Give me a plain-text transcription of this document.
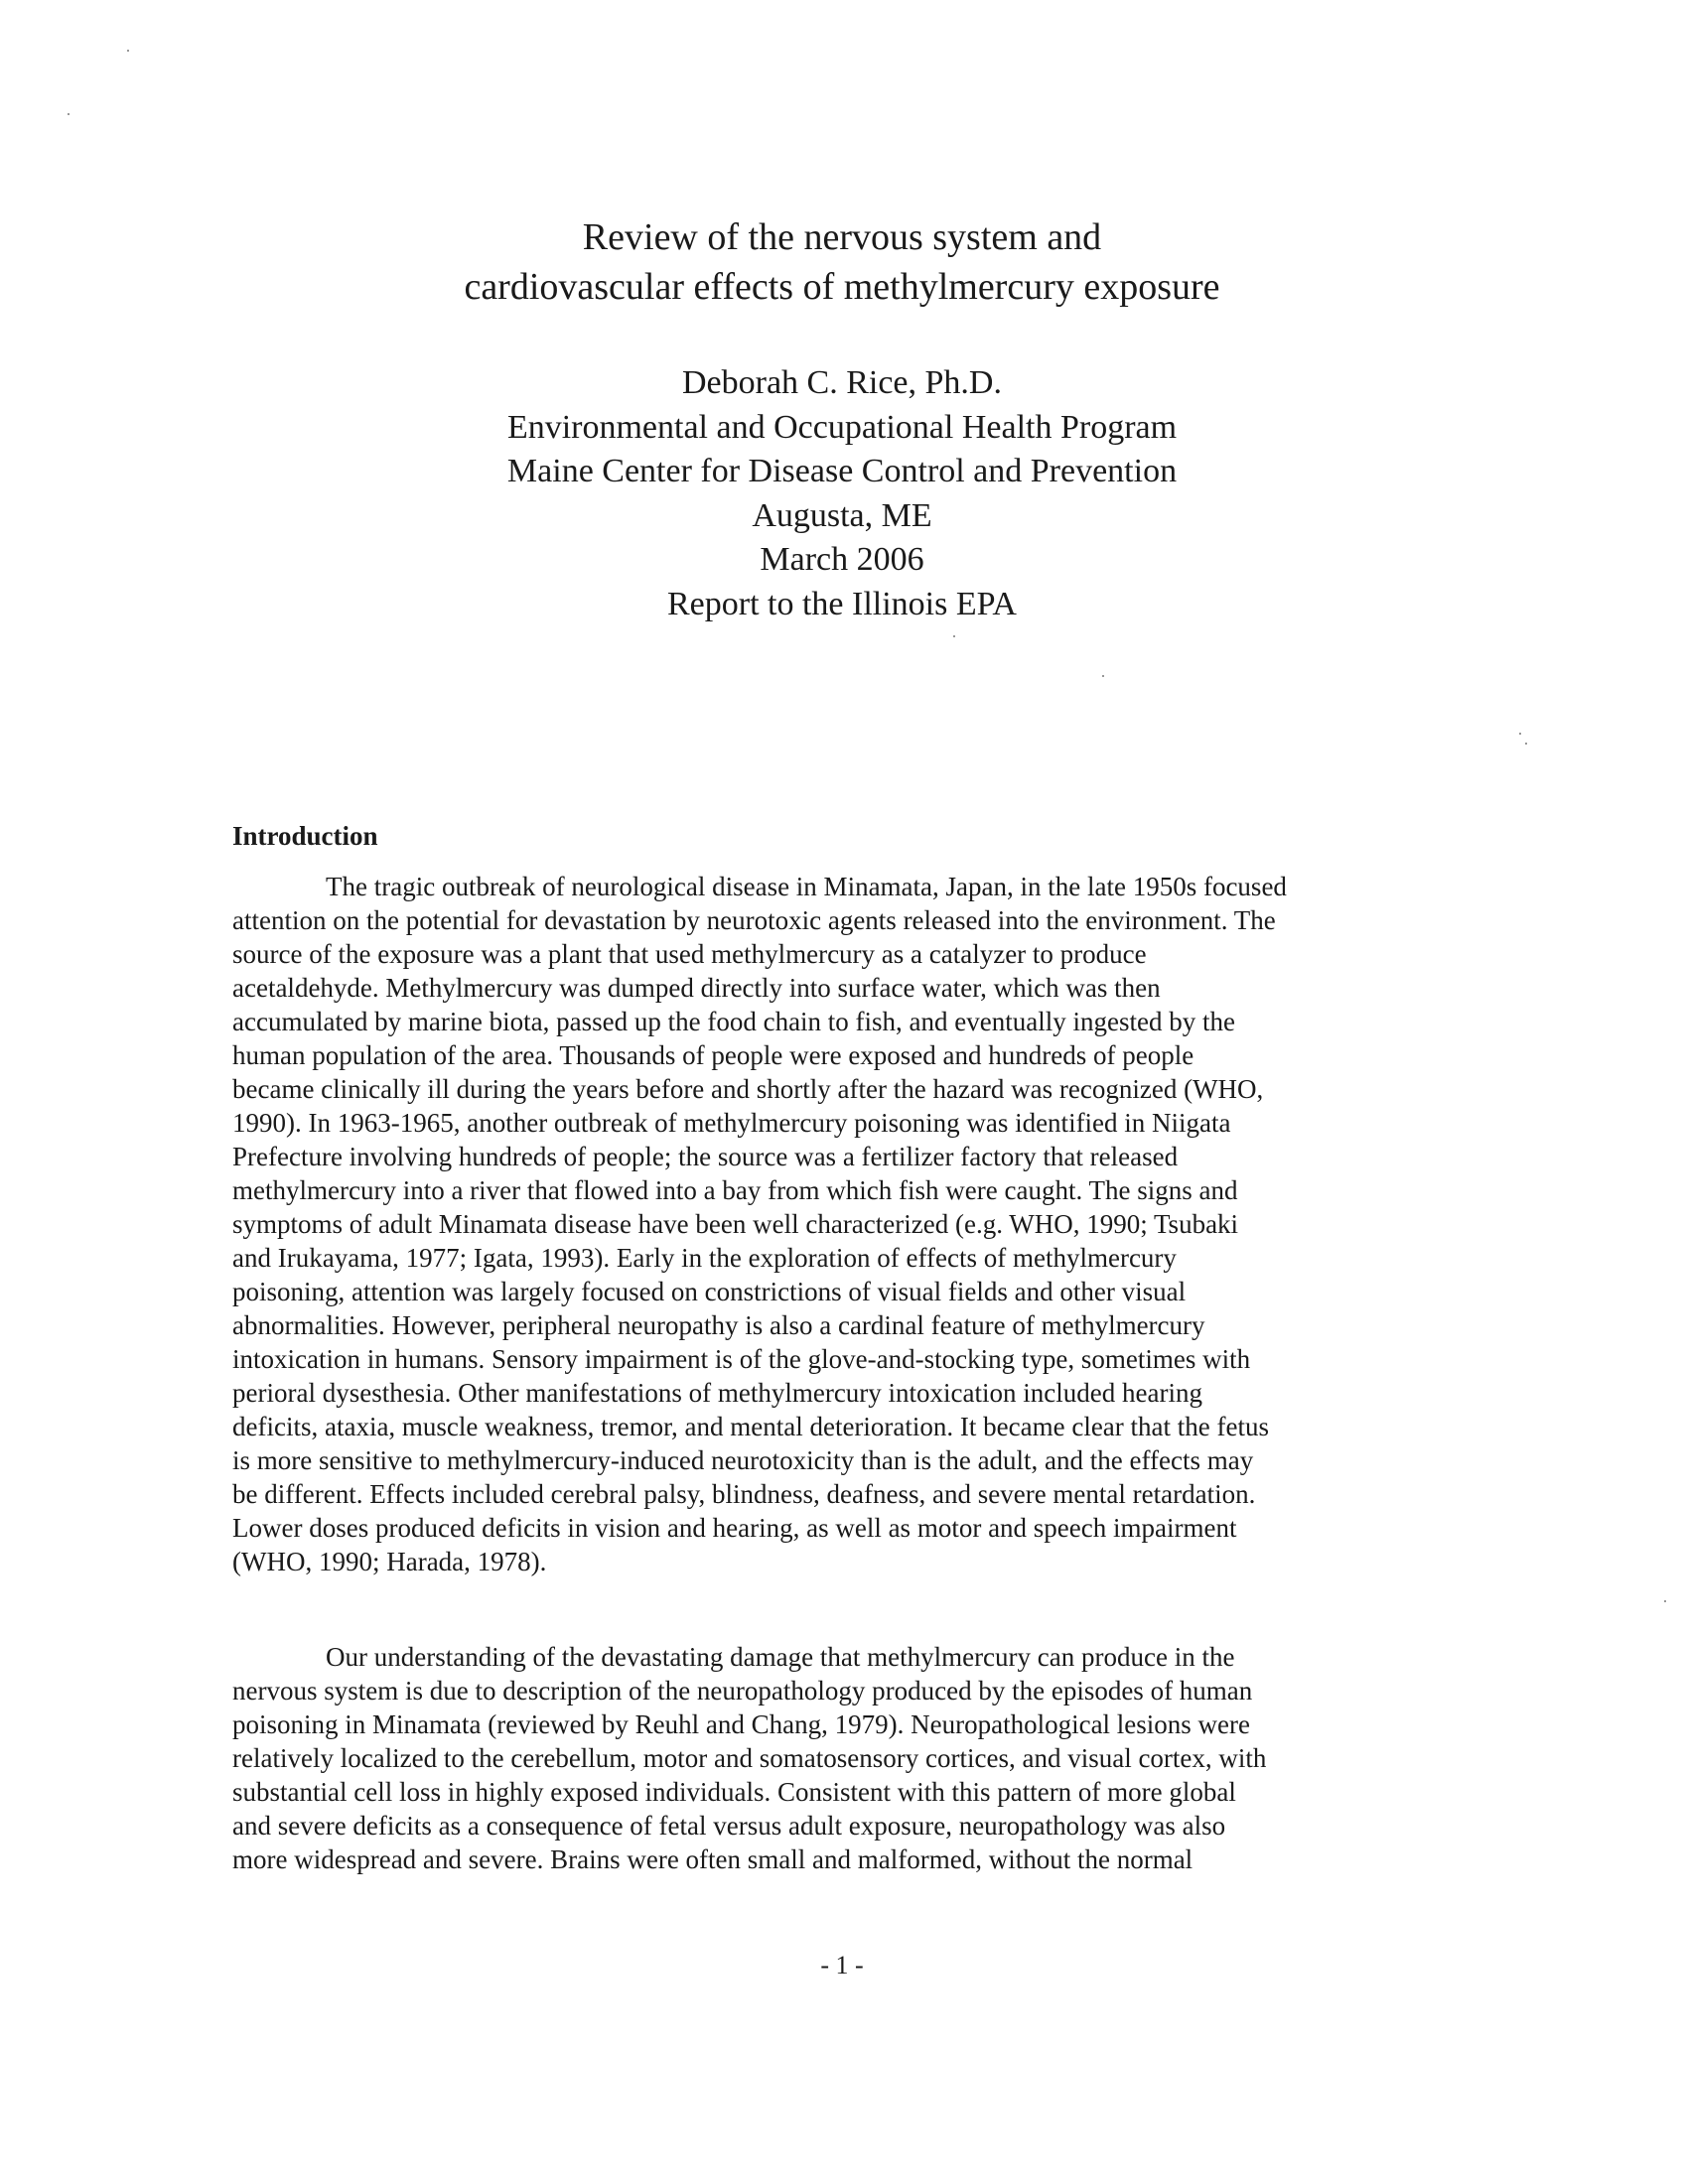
Review of the nervous system and
cardiovascular effects of methylmercury exposure
Deborah C. Rice, Ph.D.
Environmental and Occupational Health Program
Maine Center for Disease Control and Prevention
Augusta, ME
March 2006
Report to the Illinois EPA
Introduction

The tragic outbreak of neurological disease in Minamata, Japan, in the late 1950s focused
attention on the potential for devastation by neurotoxic agents released into the environment. The
source of the exposure was a plant that used methylmercury as a catalyzer to produce
acetaldehyde. Methylmercury was dumped directly into surface water, which was then
accumulated by marine biota, passed up the food chain to fish, and eventually ingested by the
human population of the area. Thousands of people were exposed and hundreds of people
became clinically ill during the years before and shortly after the hazard was recognized (WHO,
1990). In 1963-1965, another outbreak of methylmercury poisoning was identified in Niigata
Prefecture involving hundreds of people; the source was a fertilizer factory that released
methylmercury into a river that flowed into a bay from which fish were caught. The signs and
symptoms of adult Minamata disease have been well characterized (e.g. WHO, 1990; Tsubaki
and Irukayama, 1977; Igata, 1993). Early in the exploration of effects of methylmercury
poisoning, attention was largely focused on constrictions of visual fields and other visual
abnormalities. However, peripheral neuropathy is also a cardinal feature of methylmercury
intoxication in humans. Sensory impairment is of the glove-and-stocking type, sometimes with
perioral dysesthesia. Other manifestations of methylmercury intoxication included hearing
deficits, ataxia, muscle weakness, tremor, and mental deterioration. It became clear that the fetus
is more sensitive to methylmercury-induced neurotoxicity than is the adult, and the effects may
be different. Effects included cerebral palsy, blindness, deafness, and severe mental retardation.
Lower doses produced deficits in vision and hearing, as well as motor and speech impairment
(WHO, 1990; Harada, 1978).

Our understanding of the devastating damage that methylmercury can produce in the
nervous system is due to description of the neuropathology produced by the episodes of human
poisoning in Minamata (reviewed by Reuhl and Chang, 1979). Neuropathological lesions were
relatively localized to the cerebellum, motor and somatosensory cortices, and visual cortex, with
substantial cell loss in highly exposed individuals. Consistent with this pattern of more global
and severe deficits as a consequence of fetal versus adult exposure, neuropathology was also
more widespread and severe. Brains were often small and malformed, without the normal

- 1 -
